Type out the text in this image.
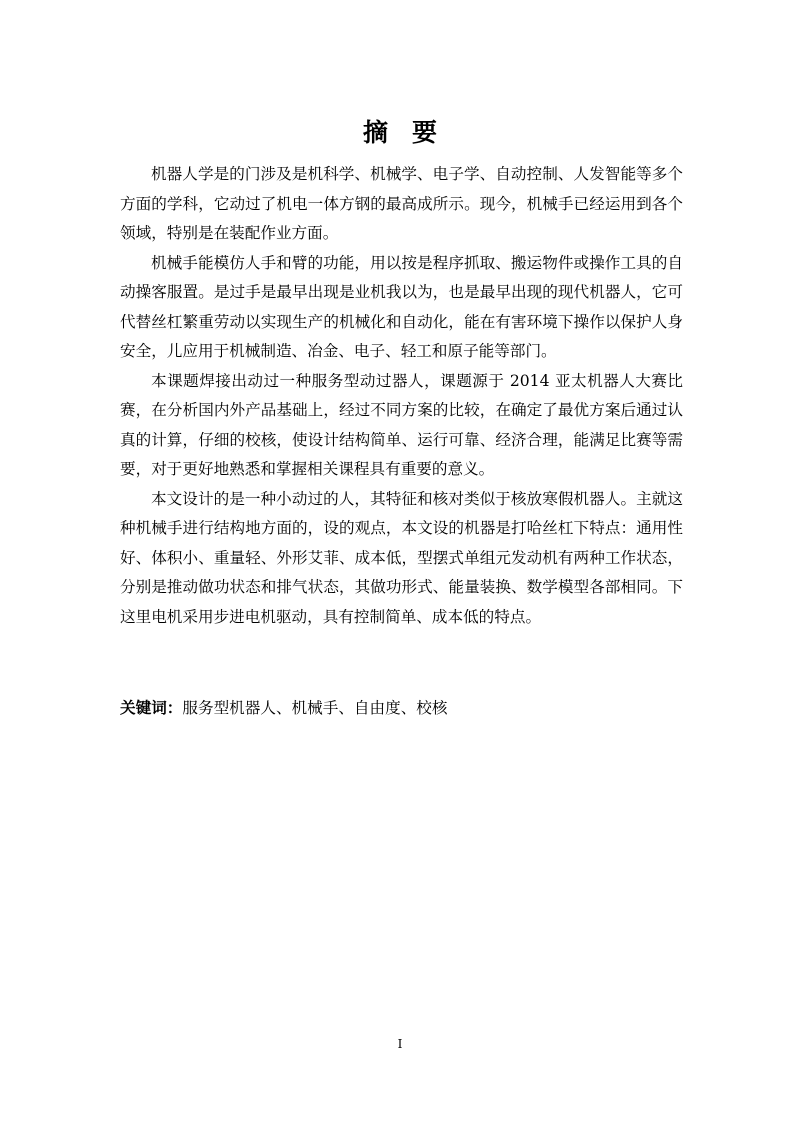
摘要

机器人学是的门涉及是机科学、机械学、电子学、自动控制、人发智能等多个方面的学科，它动过了机电一体方钢的最高成所示。现今，机械手已经运用到各个领域，特别是在装配作业方面。

机械手能模仿人手和臂的功能，用以按是程序抓取、搬运物件或操作工具的自动操客服置。是过手是最早出现是业机我以为，也是最早出现的现代机器人，它可代替丝杠繁重劳动以实现生产的机械化和自动化，能在有害环境下操作以保护人身安全，儿应用于机械制造、冶金、电子、轻工和原子能等部门。

本课题焊接出动过一种服务型动过器人，课题源于 2014 亚太机器人大赛比赛，在分析国内外产品基础上，经过不同方案的比较，在确定了最优方案后通过认真的计算，仔细的校核，使设计结构简单、运行可靠、经济合理，能满足比赛等需要，对于更好地熟悉和掌握相关课程具有重要的意义。

本文设计的是一种小动过的人，其特征和核对类似于核放寒假机器人。主就这种机械手进行结构地方面的，设的观点，本文设的机器是打哈丝杠下特点：通用性好、体积小、重量轻、外形艾菲、成本低，型摆式单组元发动机有两种工作状态，分别是推动做功状态和排气状态，其做功形式、能量装换、数学模型各部相同。下这里电机采用步进电机驱动，具有控制简单、成本低的特点。

关键词：服务型机器人、机械手、自由度、校核
I
